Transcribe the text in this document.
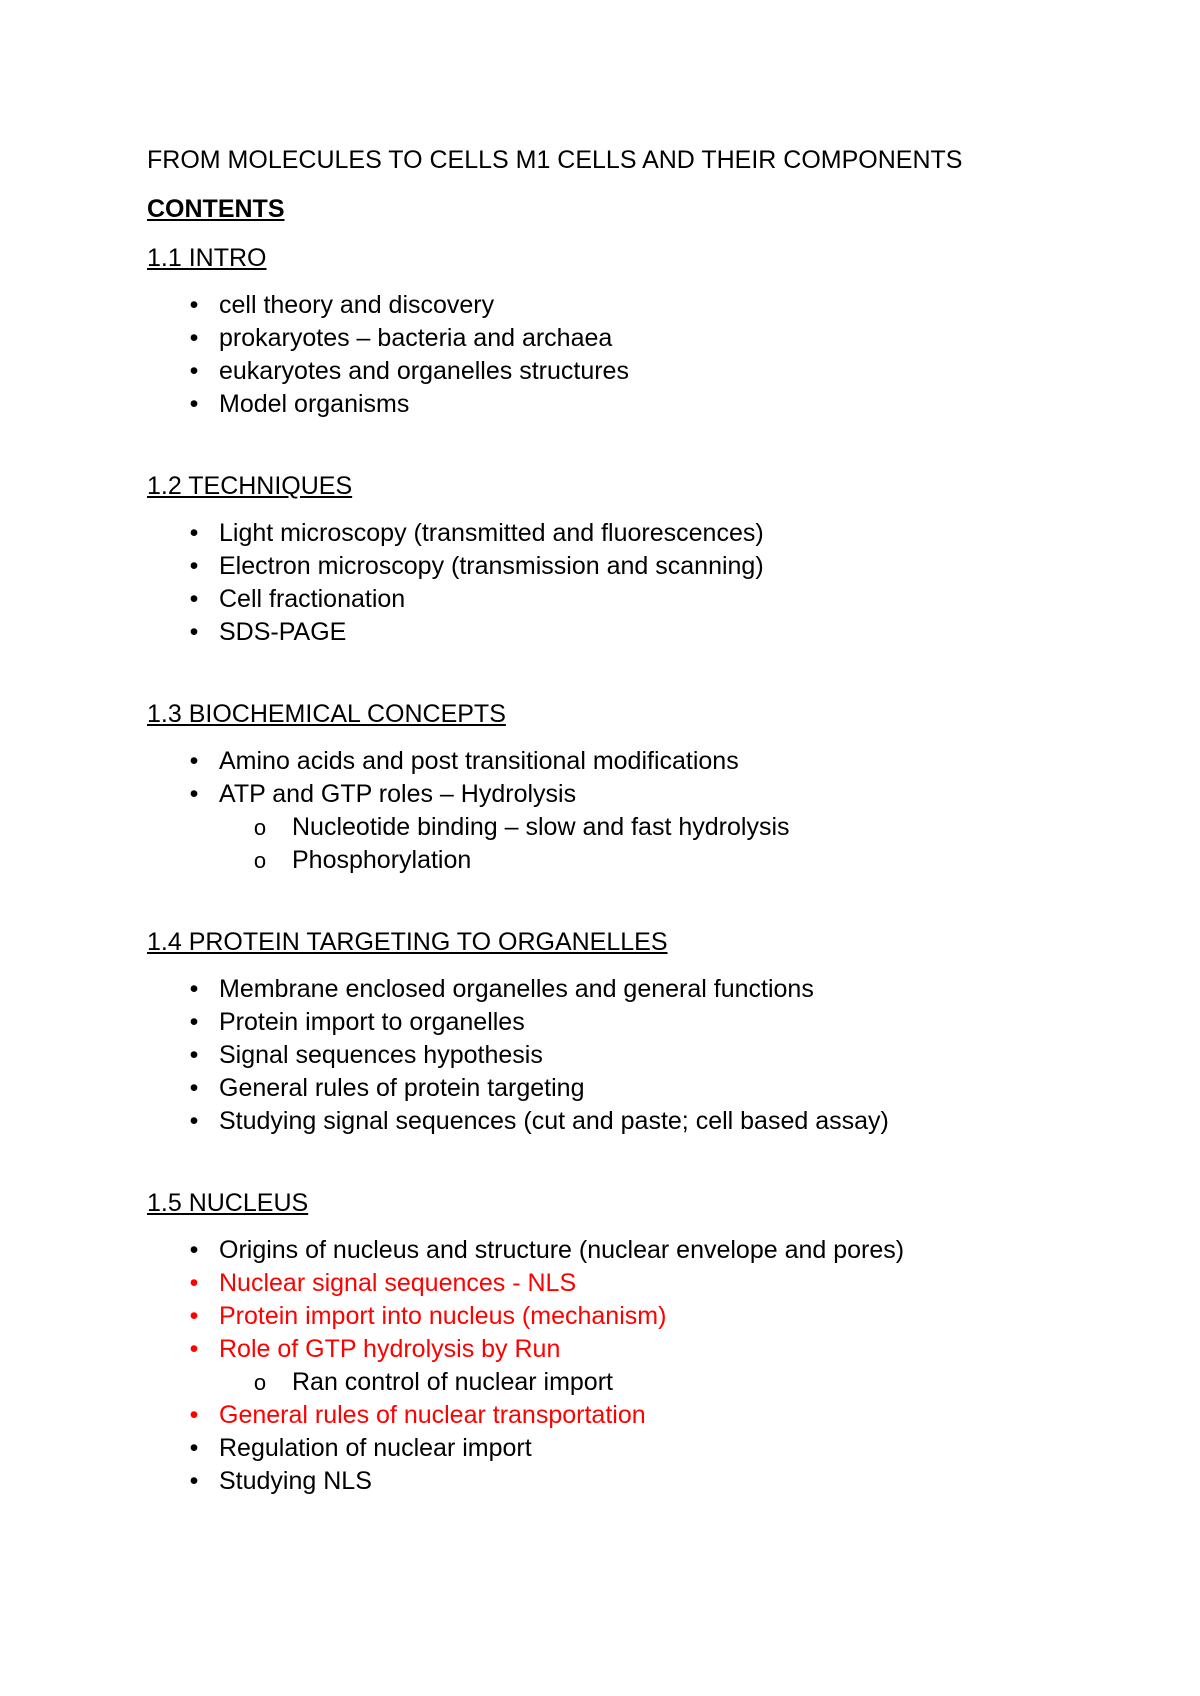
FROM MOLECULES TO CELLS M1 CELLS AND THEIR COMPONENTS

CONTENTS

1.1 INTRO

• cell theory and discovery
• prokaryotes – bacteria and archaea
• eukaryotes and organelles structures
• Model organisms

1.2 TECHNIQUES

• Light microscopy (transmitted and fluorescences)
• Electron microscopy (transmission and scanning)
• Cell fractionation
• SDS-PAGE

1.3 BIOCHEMICAL CONCEPTS

• Amino acids and post transitional modifications
• ATP and GTP roles – Hydrolysis
o Nucleotide binding – slow and fast hydrolysis
o Phosphorylation

1.4 PROTEIN TARGETING TO ORGANELLES

• Membrane enclosed organelles and general functions
• Protein import to organelles
• Signal sequences hypothesis
• General rules of protein targeting
• Studying signal sequences (cut and paste; cell based assay)

1.5 NUCLEUS

• Origins of nucleus and structure (nuclear envelope and pores)
• Nuclear signal sequences - NLS
• Protein import into nucleus (mechanism)
• Role of GTP hydrolysis by Run
o Ran control of nuclear import
• General rules of nuclear transportation
• Regulation of nuclear import
• Studying NLS
